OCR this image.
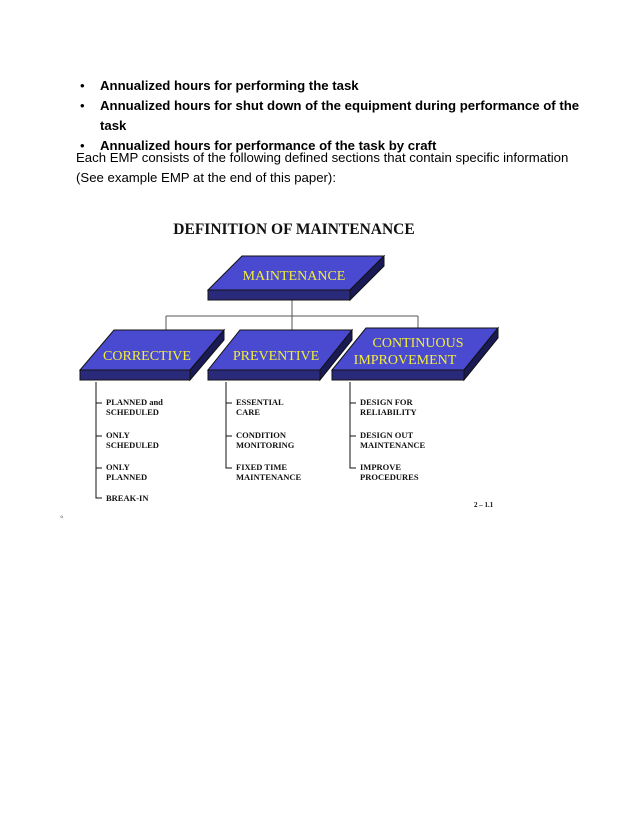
• Annualized hours for performing the task
• Annualized hours for shut down of the equipment during performance of the task
• Annualized hours for performance of the task by craft
Each EMP consists of the following defined sections that contain specific information
(See example EMP at the end of this paper):
DEFINITION OF MAINTENANCE
MAINTENANCE
CORRECTIVE	PREVENTIVE
CONTINUOUS
IMPROVEMENT
PLANNED and
SCHEDULED
ONLY
SCHEDULED
ONLY
PLANNED
BREAK-IN
ESSENTIAL
CARE
CONDITION
MONITORING
FIXED TIME
MAINTENANCE
DESIGN FOR
RELIABILITY
DESIGN OUT
MAINTENANCE
IMPROVE
PROCEDURES
2 – 1.1
◦
